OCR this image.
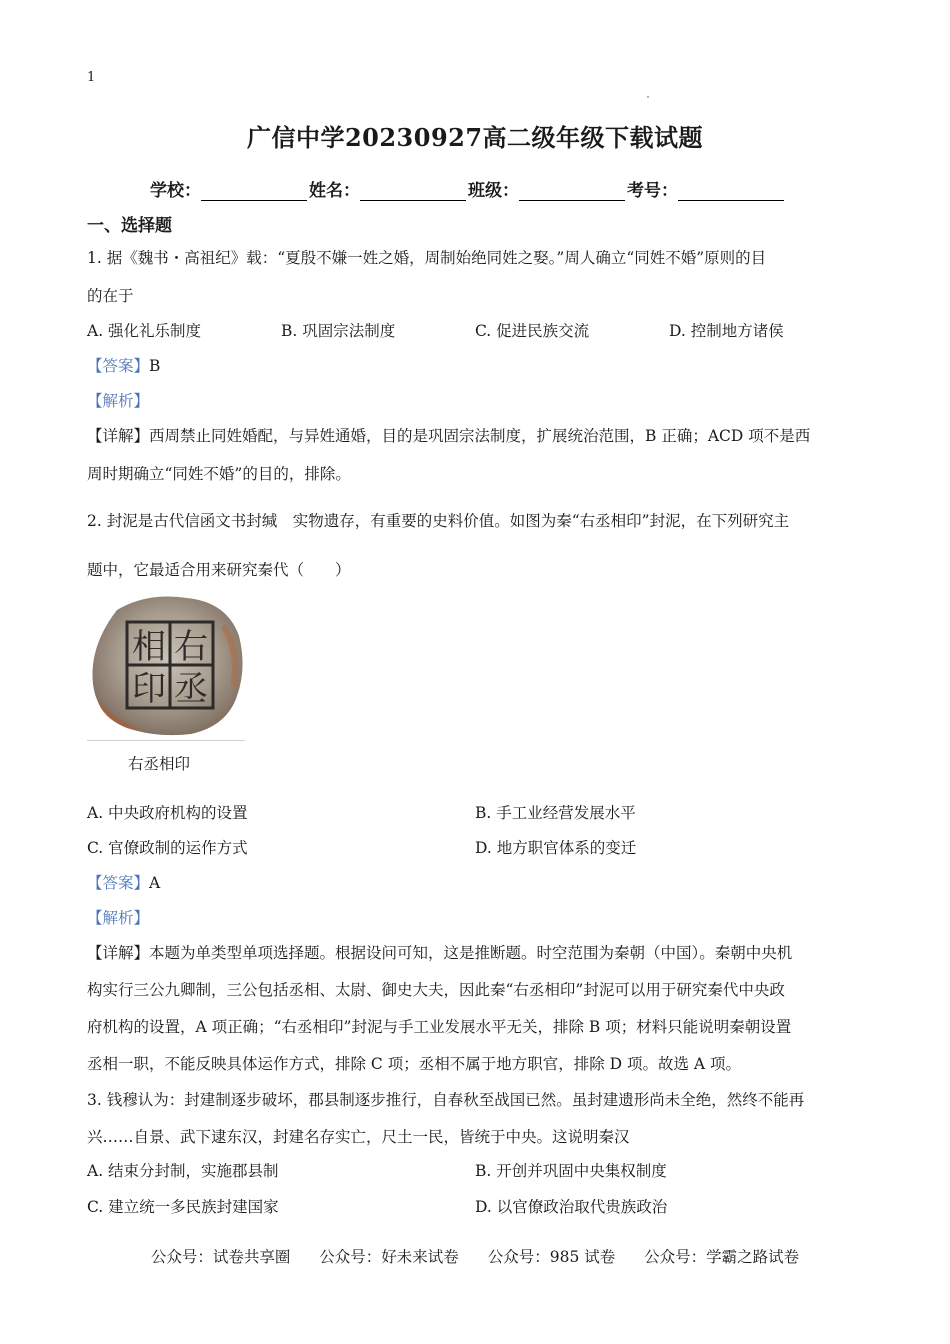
1
广信中学20230927高二级年级下载试题
学校：	姓名：	班级：	考号：
一、选择题
1. 据《魏书・高祖纪》载：“夏殷不嫌一姓之婚，周制始绝同姓之娶。”周人确立“同姓不婚”原则的目
的在于
A. 强化礼乐制度	B. 巩固宗法制度	C. 促进民族交流	D. 控制地方诸侯
【答案】B
【解析】
【详解】西周禁止同姓婚配，与异姓通婚，目的是巩固宗法制度，扩展统治范围，B 正确；ACD 项不是西
周时期确立“同姓不婚”的目的，排除。
2. 封泥是古代信函文书封缄　实物遗存，有重要的史料价值。如图为秦“右丞相印”封泥，在下列研究主
题中，它最适合用来研究秦代（　　）
右
丞
相
印
右丞相印
A. 中央政府机构的设置	B. 手工业经营发展水平
C. 官僚政制的运作方式	D. 地方职官体系的变迁
【答案】A
【解析】
【详解】本题为单类型单项选择题。根据设问可知，这是推断题。时空范围为秦朝（中国）。秦朝中央机
构实行三公九卿制，三公包括丞相、太尉、御史大夫，因此秦“右丞相印”封泥可以用于研究秦代中央政
府机构的设置，A 项正确；“右丞相印”封泥与手工业发展水平无关，排除 B 项；材料只能说明秦朝设置
丞相一职，不能反映具体运作方式，排除 C 项；丞相不属于地方职官，排除 D 项。故选 A 项。
3. 钱穆认为：封建制逐步破坏，郡县制逐步推行，自春秋至战国已然。虽封建遗形尚未全绝，然终不能再
兴……自景、武下逮东汉，封建名存实亡，尺土一民，皆统于中央。这说明秦汉
A. 结束分封制，实施郡县制	B. 开创并巩固中央集权制度
C. 建立统一多民族封建国家	D. 以官僚政治取代贵族政治
公众号：试卷共享圈 公众号：好未来试卷 公众号：985 试卷 公众号：学霸之路试卷
